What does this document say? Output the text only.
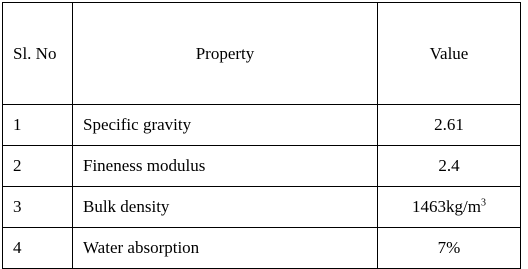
Sl. No	Property	Value
1	Specific gravity	2.61
2	Fineness modulus	2.4
3	Bulk density	$1463kg/m^3$
4	Water absorption	7%
